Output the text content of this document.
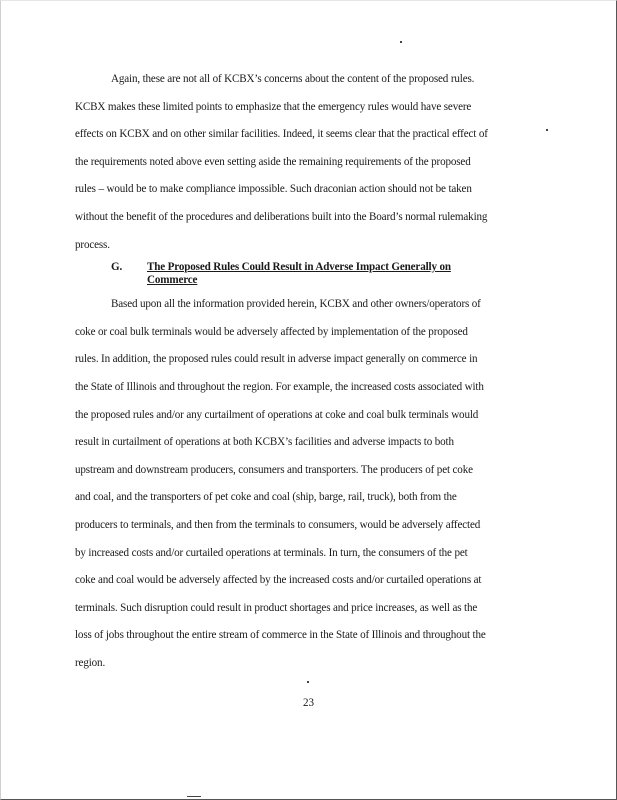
Again, these are not all of KCBX’s concerns about the content of the proposed rules.
KCBX makes these limited points to emphasize that the emergency rules would have severe
effects on KCBX and on other similar facilities. Indeed, it seems clear that the practical effect of
the requirements noted above even setting aside the remaining requirements of the proposed
rules – would be to make compliance impossible. Such draconian action should not be taken
without the benefit of the procedures and deliberations built into the Board’s normal rulemaking
process.

G.	The Proposed Rules Could Result in Adverse Impact Generally on Commerce

Based upon all the information provided herein, KCBX and other owners/operators of
coke or coal bulk terminals would be adversely affected by implementation of the proposed
rules. In addition, the proposed rules could result in adverse impact generally on commerce in
the State of Illinois and throughout the region. For example, the increased costs associated with
the proposed rules and/or any curtailment of operations at coke and coal bulk terminals would
result in curtailment of operations at both KCBX’s facilities and adverse impacts to both
upstream and downstream producers, consumers and transporters. The producers of pet coke
and coal, and the transporters of pet coke and coal (ship, barge, rail, truck), both from the
producers to terminals, and then from the terminals to consumers, would be adversely affected
by increased costs and/or curtailed operations at terminals. In turn, the consumers of the pet
coke and coal would be adversely affected by the increased costs and/or curtailed operations at
terminals. Such disruption could result in product shortages and price increases, as well as the
loss of jobs throughout the entire stream of commerce in the State of Illinois and throughout the
region.

23
